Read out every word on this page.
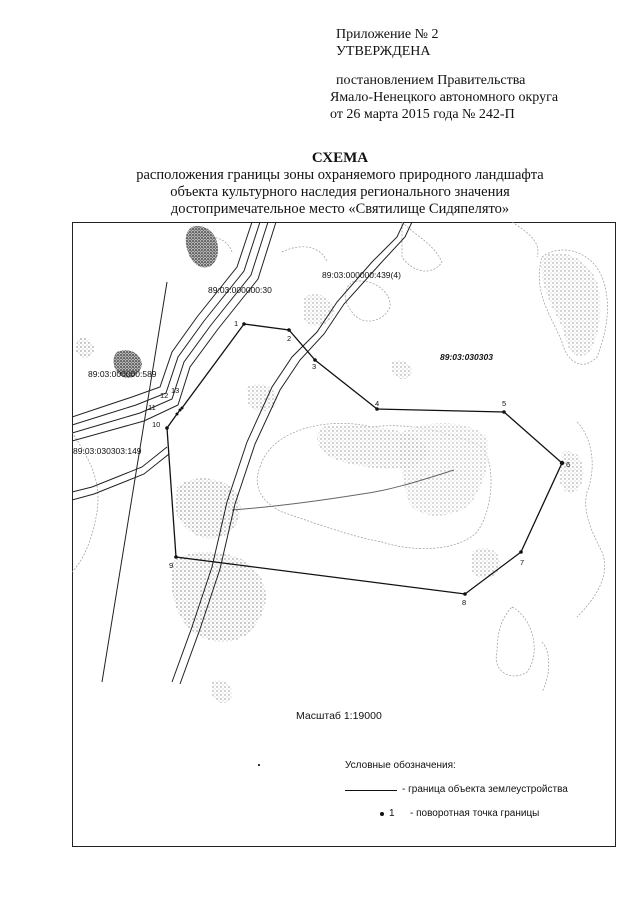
Приложение № 2
УТВЕРЖДЕНА
постановлением Правительства
Ямало-Ненецкого автономного округа
от 26 марта 2015 года № 242-П
СХЕМА
расположения границы зоны охраняемого природного ландшафта
объекта культурного наследия регионального значения
достопримечательное место «Святилище Сидяпелято»
1
2
3
4	5
6
7
8
9
10
11
12
13
89:03:000000:30
89:03:000000:439(4)
89:03:030303
89:03:000000:589
89:03:030303:149
Масштаб 1:19000
Условные обозначения:
- граница объекта землеустройства
1 - поворотная точка границы
